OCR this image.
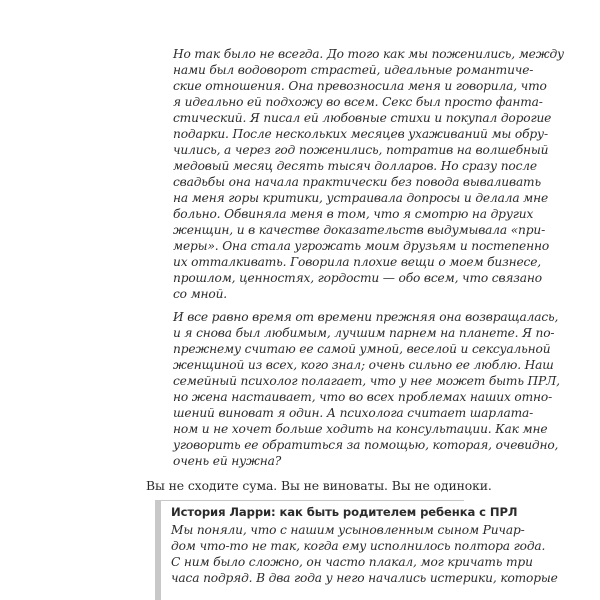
Но так было не всегда. До того как мы поженились, между

нами был водоворот страстей, идеальные романтиче-

ские отношения. Она превозносила меня и говорила, что

я идеально ей подхожу во всем. Секс был просто фанта-

стический. Я писал ей любовные стихи и покупал дорогие

подарки. После нескольких месяцев ухаживаний мы обру-

чились, а через год поженились, потратив на волшебный

медовый месяц десять тысяч долларов. Но сразу после

свадьбы она начала практически без повода вываливать

на меня горы критики, устраивала допросы и делала мне

больно. Обвиняла меня в том, что я смотрю на других

женщин, и в качестве доказательств выдумывала «при-

меры». Она стала угрожать моим друзьям и постепенно

их отталкивать. Говорила плохие вещи о моем бизнесе,

прошлом, ценностях, гордости — обо всем, что связано

со мной.

И все равно время от времени прежняя она возвращалась,

и я снова был любимым, лучшим парнем на планете. Я по-

прежнему считаю ее самой умной, веселой и сексуальной

женщиной из всех, кого знал; очень сильно ее люблю. Наш

семейный психолог полагает, что у нее может быть ПРЛ,

но жена настаивает, что во всех проблемах наших отно-

шений виноват я один. А психолога считает шарлата-

ном и не хочет больше ходить на консультации. Как мне

уговорить ее обратиться за помощью, которая, очевидно,

очень ей нужна?

Вы не сходите сума. Вы не виноваты. Вы не одиноки.

История Ларри: как быть родителем ребенка с ПРЛ

Мы поняли, что с нашим усыновленным сыном Ричар-

дом что-то не так, когда ему исполнилось полтора года.

С ним было сложно, он часто плакал, мог кричать три

часа подряд. В два года у него начались истерики, которые
